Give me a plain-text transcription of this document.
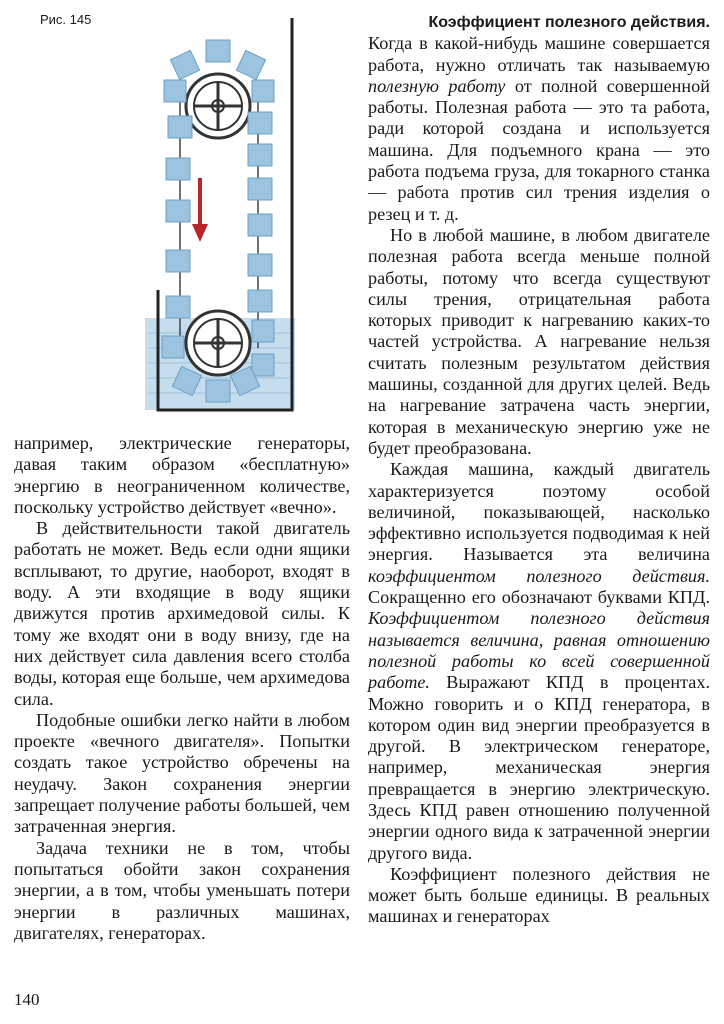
Рис. 145

например, электрические генераторы, давая таким образом «бесплатную» энергию в неограниченном количестве, поскольку устройство действует «вечно».

В действительности такой двигатель работать не может. Ведь если одни ящики всплывают, то другие, наоборот, входят в воду. А эти входящие в воду ящики движутся против архимедовой силы. К тому же входят они в воду внизу, где на них действует сила давления всего столба воды, которая еще больше, чем архимедова сила.

Подобные ошибки легко найти в любом проекте «вечного двигателя». Попытки создать такое устройство обречены на неудачу. Закон сохранения энергии запрещает получение работы большей, чем затраченная энергия.

Задача техники не в том, чтобы попытаться обойти закон сохранения энергии, а в том, чтобы уменьшать потери энергии в различных машинах, двигателях, генераторах.

Коэффициент полезного действия.

Когда в какой-нибудь машине совершается работа, нужно отличать так называемую полезную работу от полной совершенной работы. Полезная работа — это та работа, ради которой создана и используется машина. Для подъемного крана — это работа подъема груза, для токарного станка — работа против сил трения изделия о резец и т. д.

Но в любой машине, в любом двигателе полезная работа всегда меньше полной работы, потому что всегда существуют силы трения, отрицательная работа которых приводит к нагреванию каких-то частей устройства. А нагревание нельзя считать полезным результатом действия машины, созданной для других целей. Ведь на нагревание затрачена часть энергии, которая в механическую энергию уже не будет преобразована.

Каждая машина, каждый двигатель характеризуется поэтому особой величиной, показывающей, насколько эффективно используется подводимая к ней энергия. Называется эта величина коэффициентом полезного действия. Сокращенно его обозначают буквами КПД. Коэффициентом полезного действия называется величина, равная отношению полезной работы ко всей совершенной работе. Выражают КПД в процентах. Можно говорить и о КПД генератора, в котором один вид энергии преобразуется в другой. В электрическом генераторе, например, механическая энергия превращается в энергию электрическую. Здесь КПД равен отношению полученной энергии одного вида к затраченной энергии другого вида.

Коэффициент полезного действия не может быть больше единицы. В реальных машинах и генераторах

140
